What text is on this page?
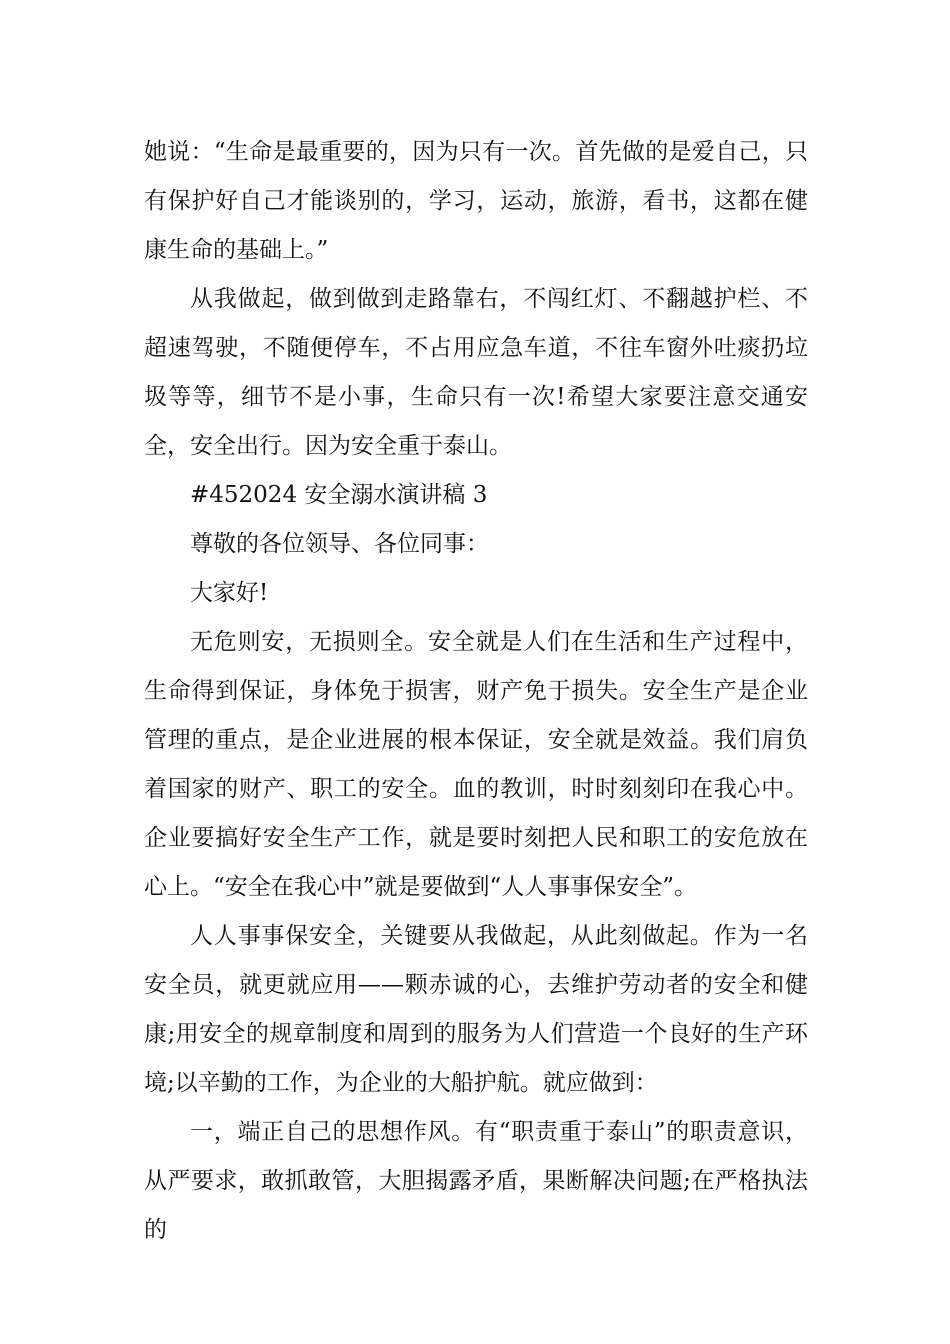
她说：“生命是最重要的，因为只有一次。首先做的是爱自己，只有保护好自己才能谈别的，学习，运动，旅游，看书，这都在健康生命的基础上。”

从我做起，做到做到走路靠右，不闯红灯、不翻越护栏、不超速驾驶，不随便停车，不占用应急车道，不往车窗外吐痰扔垃圾等等，细节不是小事，生命只有一次!希望大家要注意交通安全，安全出行。因为安全重于泰山。

#452024 安全溺水演讲稿 3

尊敬的各位领导、各位同事：

大家好!

无危则安，无损则全。安全就是人们在生活和生产过程中，生命得到保证，身体免于损害，财产免于损失。安全生产是企业管理的重点，是企业进展的根本保证，安全就是效益。我们肩负着国家的财产、职工的安全。血的教训，时时刻刻印在我心中。企业要搞好安全生产工作，就是要时刻把人民和职工的安危放在心上。“安全在我心中”就是要做到“人人事事保安全”。

人人事事保安全，关键要从我做起，从此刻做起。作为一名安全员，就更就应用——颗赤诚的心，去维护劳动者的安全和健康;用安全的规章制度和周到的服务为人们营造一个良好的生产环境;以辛勤的工作，为企业的大船护航。就应做到：

一，端正自己的思想作风。有“职责重于泰山”的职责意识，从严要求，敢抓敢管，大胆揭露矛盾，果断解决问题;在严格执法的
